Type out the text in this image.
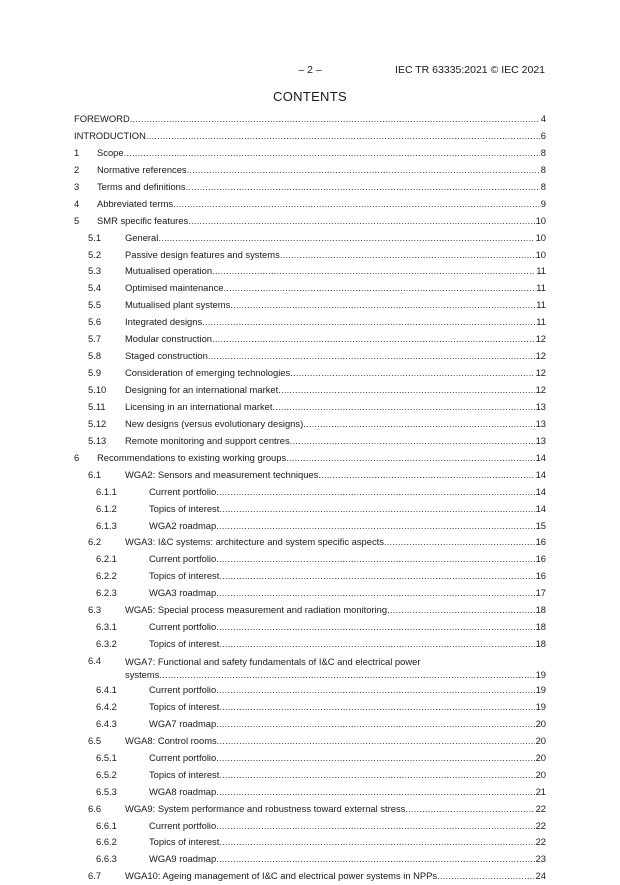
– 2 –	IEC TR 63335:2021 © IEC 2021
CONTENTS
FOREWORD .....	4
INTRODUCTION .....	6
1	Scope .....	8
2	Normative references .....	8
3	Terms and definitions .....	8
4	Abbreviated terms .....	9
5	SMR specific features .....	10
5.1	General .....	10
5.2	Passive design features and systems .....	10
5.3	Mutualised operation .....	11
5.4	Optimised maintenance .....	11
5.5	Mutualised plant systems .....	11
5.6	Integrated designs .....	11
5.7	Modular construction .....	12
5.8	Staged construction .....	12
5.9	Consideration of emerging technologies .....	12
5.10	Designing for an international market .....	12
5.11	Licensing in an international market .....	13
5.12	New designs (versus evolutionary designs) .....	13
5.13	Remote monitoring and support centres .....	13
6	Recommendations to existing working groups .....	14
6.1	WGA2: Sensors and measurement techniques .....	14
6.1.1	Current portfolio .....	14
6.1.2	Topics of interest .....	14
6.1.3	WGA2 roadmap .....	15
6.2	WGA3: I&C systems: architecture and system specific aspects .....	16
6.2.1	Current portfolio .....	16
6.2.2	Topics of interest .....	16
6.2.3	WGA3 roadmap .....	17
6.3	WGA5: Special process measurement and radiation monitoring .....	18
6.3.1	Current portfolio .....	18
6.3.2	Topics of interest .....	18
6.4	WGA7: Functional and safety fundamentals of I&C and electrical power
systems .....	19
6.4.1	Current portfolio .....	19
6.4.2	Topics of interest .....	19
6.4.3	WGA7 roadmap .....	20
6.5	WGA8: Control rooms .....	20
6.5.1	Current portfolio .....	20
6.5.2	Topics of interest .....	20
6.5.3	WGA8 roadmap .....	21
6.6	WGA9: System performance and robustness toward external stress .....	22
6.6.1	Current portfolio .....	22
6.6.2	Topics of interest .....	22
6.6.3	WGA9 roadmap .....	23
6.7	WGA10: Ageing management of I&C and electrical power systems in NPPs .....	24
